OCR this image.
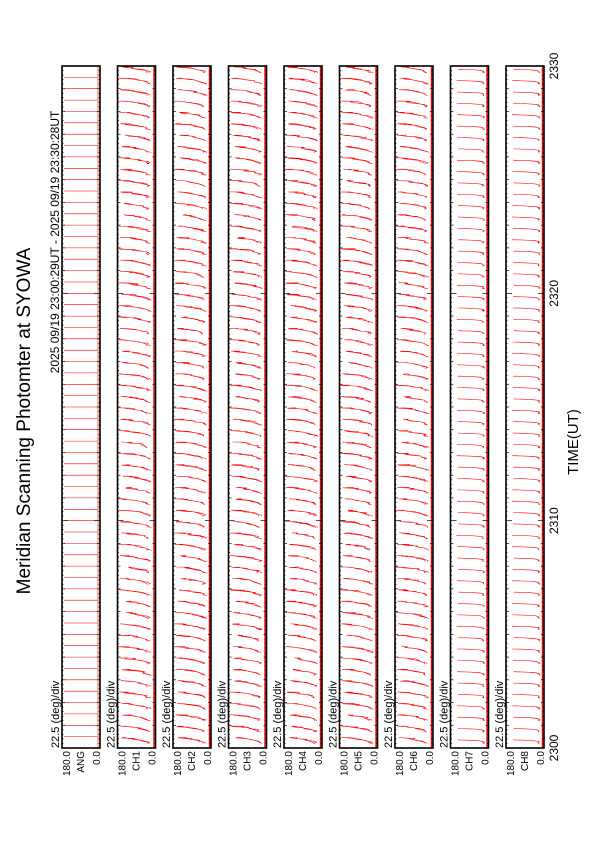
Meridian Scanning Photomter at SYOWA
2025 09/19 23:00:29UT - 2025 09/19 23:30:28UT
TIME(UT)
22.5 (deg)/div
180.0 0.0
ANG
22.5 (deg)/div
180.0 0.0
CH1
22.5 (deg)/div
180.0 0.0
CH2
22.5 (deg)/div
180.0 0.0
CH3
22.5 (deg)/div
180.0 0.0
CH4
22.5 (deg)/div
180.0 0.0
CH5
22.5 (deg)/div
180.0 0.0
CH6
22.5 (deg)/div
180.0 0.0
CH7
22.5 (deg)/div
180.0 0.0
CH8 2300
2310
2320
2330
